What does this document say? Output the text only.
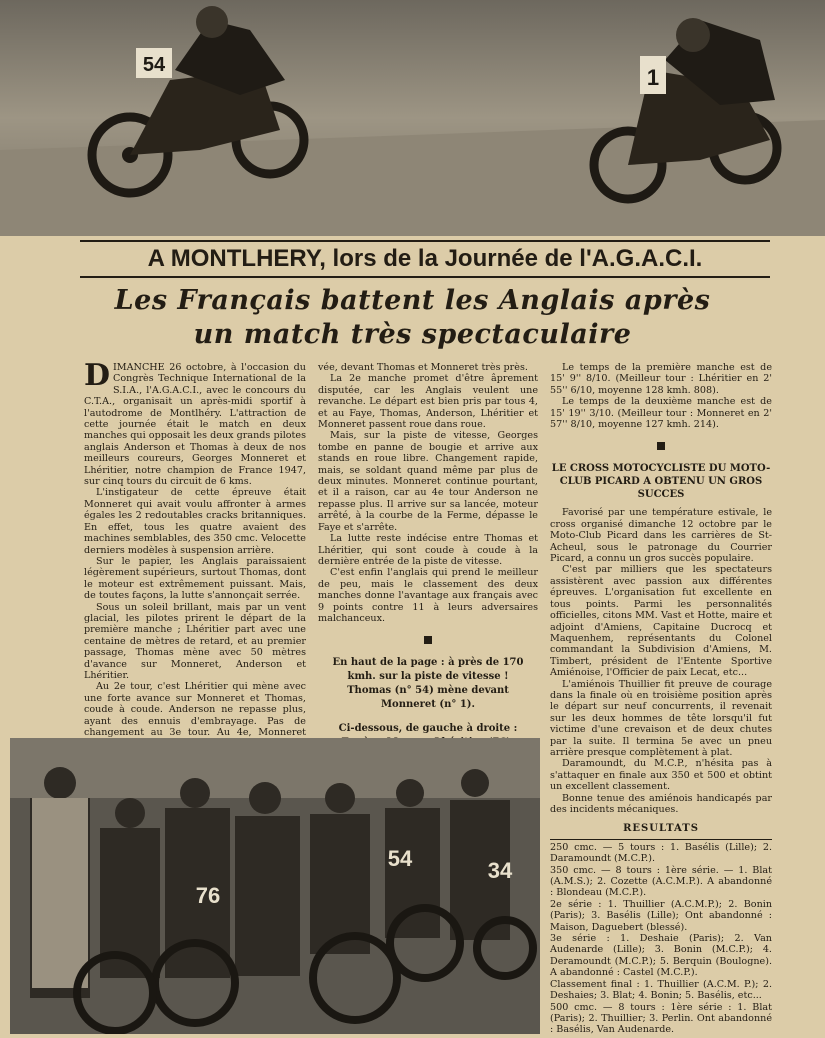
54	1
A MONTLHERY, lors de la Journée de l'A.G.A.C.I.
Les Français battent les Anglais après
un match très spectaculaire

DIMANCHE 26 octobre, à l'occasion du Congrès Technique International de la S.I.A., l'A.G.A.C.I., avec le concours du C.T.A., organisait un après-midi sportif à l'autodrome de Montlhéry. L'attraction de cette journée était le match en deux manches qui opposait les deux grands pilotes anglais Anderson et Thomas à deux de nos meilleurs coureurs, Georges Monneret et Lhéritier, notre champion de France 1947, sur cinq tours du circuit de 6 kms.

L'instigateur de cette épreuve était Monneret qui avait voulu affronter à armes égales les 2 redoutables cracks britanniques. En effet, tous les quatre avaient des machines semblables, des 350 cmc. Velocette derniers modèles à suspension arrière.

Sur le papier, les Anglais paraissaient légèrement supérieurs, surtout Thomas, dont le moteur est extrêmement puissant. Mais, de toutes façons, la lutte s'annonçait serrée.

Sous un soleil brillant, mais par un vent glacial, les pilotes prirent le départ de la première manche ; Lhéritier part avec une centaine de mètres de retard, et au premier passage, Thomas mène avec 50 mètres d'avance sur Monneret, Anderson et Lhéritier.

Au 2e tour, c'est Lhéritier qui mène avec une forte avance sur Monneret et Thomas, coude à coude. Anderson ne repasse plus, ayant des ennuis d'embrayage. Pas de changement au 3e tour. Au 4e, Monneret

vée, devant Thomas et Monneret très près.

La 2e manche promet d'être âprement disputée, car les Anglais veulent une revanche. Le départ est bien pris par tous 4, et au Faye, Thomas, Anderson, Lhéritier et Monneret passent roue dans roue.

Mais, sur la piste de vitesse, Georges tombe en panne de bougie et arrive aux stands en roue libre. Changement rapide, mais, se soldant quand même par plus de deux minutes. Monneret continue pourtant, et il a raison, car au 4e tour Anderson ne repasse plus. Il arrive sur sa lancée, moteur arrêté, à la courbe de la Ferme, dépasse le Faye et s'arrête.

La lutte reste indécise entre Thomas et Lhéritier, qui sont coude à coude à la dernière entrée de la piste de vitesse.

C'est enfin l'anglais qui prend le meilleur de peu, mais le classement des deux manches donne l'avantage aux français avec 9 points contre 11 à leurs adversaires malchanceux.

En haut de la page : à près de 170 kmh. sur la piste de vitesse ! Thomas (n° 54) mène devant Monneret (n° 1).
Ci-dessous, de gauche à droite :

Le temps de la première manche est de 15' 9'' 8/10. (Meilleur tour : Lhéritier en 2' 55'' 6/10, moyenne 128 kmh. 808).

Le temps de la deuxième manche est de 15' 19'' 3/10. (Meilleur tour : Monneret en 2' 57'' 8/10, moyenne 127 kmh. 214).

LE CROSS MOTOCYCLISTE DU MOTO-CLUB PICARD A OBTENU UN GROS SUCCES

Favorisé par une température estivale, le cross organisé dimanche 12 octobre par le Moto-Club Picard dans les carrières de St-Acheul, sous le patronage du Courrier Picard, a connu un gros succès populaire.

C'est par milliers que les spectateurs assistèrent avec passion aux différentes épreuves. L'organisation fut excellente en tous points. Parmi les personnalités officielles, citons MM. Vast et Hotte, maire et adjoint d'Amiens, Capitaine Ducrocq et Maquenhem, représentants du Colonel commandant la Subdivision d'Amiens, M. Timbert, président de l'Entente Sportive Amiénoise, l'Officier de paix Lecat, etc...

L'amiénois Thuillier fit preuve de courage dans la finale où en troisième position après le départ sur neuf concurrents, il revenait sur les deux hommes de tête lorsqu'il fut victime d'une crevaison et de deux chutes par la suite. Il termina 5e avec un pneu arrière presque complètement à plat.

Daramoundt, du M.C.P., n'hésita pas à s'attaquer en finale aux 350 et 500 et obtint un excellent classement.

Bonne tenue des amiénois handicapés par des incidents mécaniques.

RESULTATS

250 cmc. — 5 tours : 1. Basélis (Lille); 2. Daramoundt (M.C.P.).

350 cmc. — 8 tours : 1ère série. — 1. Blat (A.M.S.); 2. Cozette (A.C.M.P.). A abandonné : Blondeau (M.C.P.).

2e série : 1. Thuillier (A.C.M.P.); 2. Bonin (Paris); 3. Basélis (Lille); Ont abandonné : Maison, Daguebert (blessé).

3e série : 1. Deshaie (Paris); 2. Van Audenarde (Lille); 3. Bonin (M.C.P.); 4. Deramoundt (M.C.P.); 5. Berquin (Boulogne). A abandonné : Castel (M.C.P.).

Classement final : 1. Thuillier (A.C.M. P.); 2. Deshaies; 3. Blat; 4. Bonin; 5. Basélis, etc...

500 cmc. — 8 tours : 1ère série : 1. Blat (Paris); 2. Thuillier; 3. Perlin. Ont abandonné : Basélis, Van Audenarde.

76
54	34
